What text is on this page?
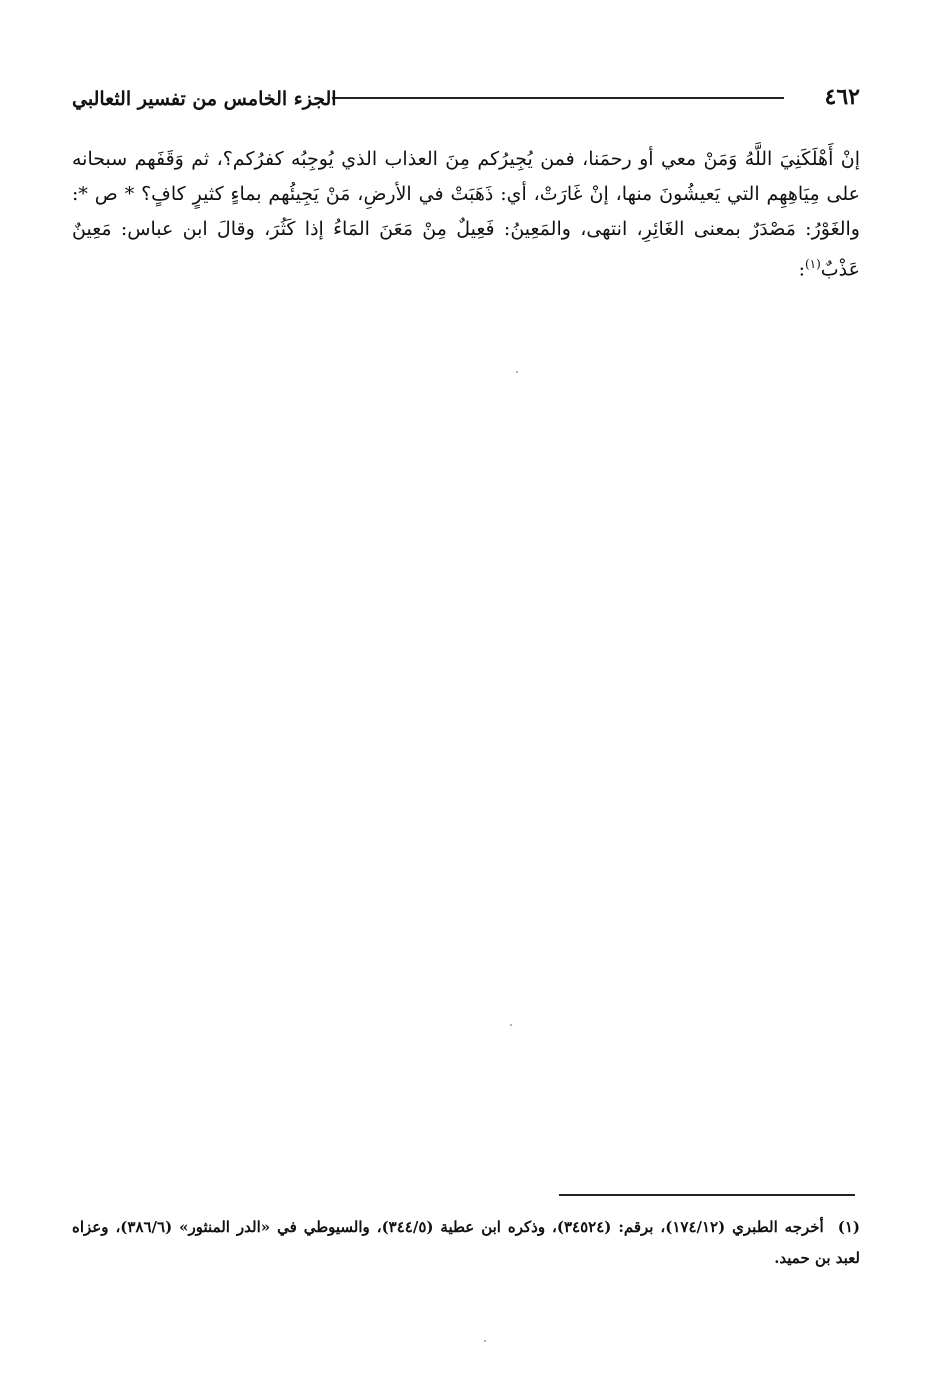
٤٦٢
الجزء الخامس من تفسير الثعالبي

إنْ أَهْلَكَنِيَ اللَّهُ وَمَنْ معي أو رحمَنا، فمن يُجِيرُكم مِنَ العذاب الذي يُوجِبُه كفرُكم؟، ثم وَقَفَهم سبحانه على مِيَاهِهِم التي يَعيشُونَ منها، إنْ غَارَتْ، أي: ذَهَبَتْ في الأرضِ، مَنْ يَجِيئُهم بماءٍ كثيرٍ كافٍ؟ * ص *: والغَوْرُ: مَصْدَرٌ بمعنى الغَائِرِ، انتهى، والمَعِينُ: فَعِيلٌ مِنْ مَعَنَ المَاءُ إذا كَثُرَ، وقالَ ابن عباس: مَعِينٌ عَذْبٌ$^{(١)}$:

(١)أخرجه الطبري (١٧٤/١٢)، برقم: (٣٤٥٢٤)، وذكره ابن عطية (٣٤٤/٥)، والسيوطي في «الدر المنثور» (٣٨٦/٦)، وعزاه لعبد بن حميد.
